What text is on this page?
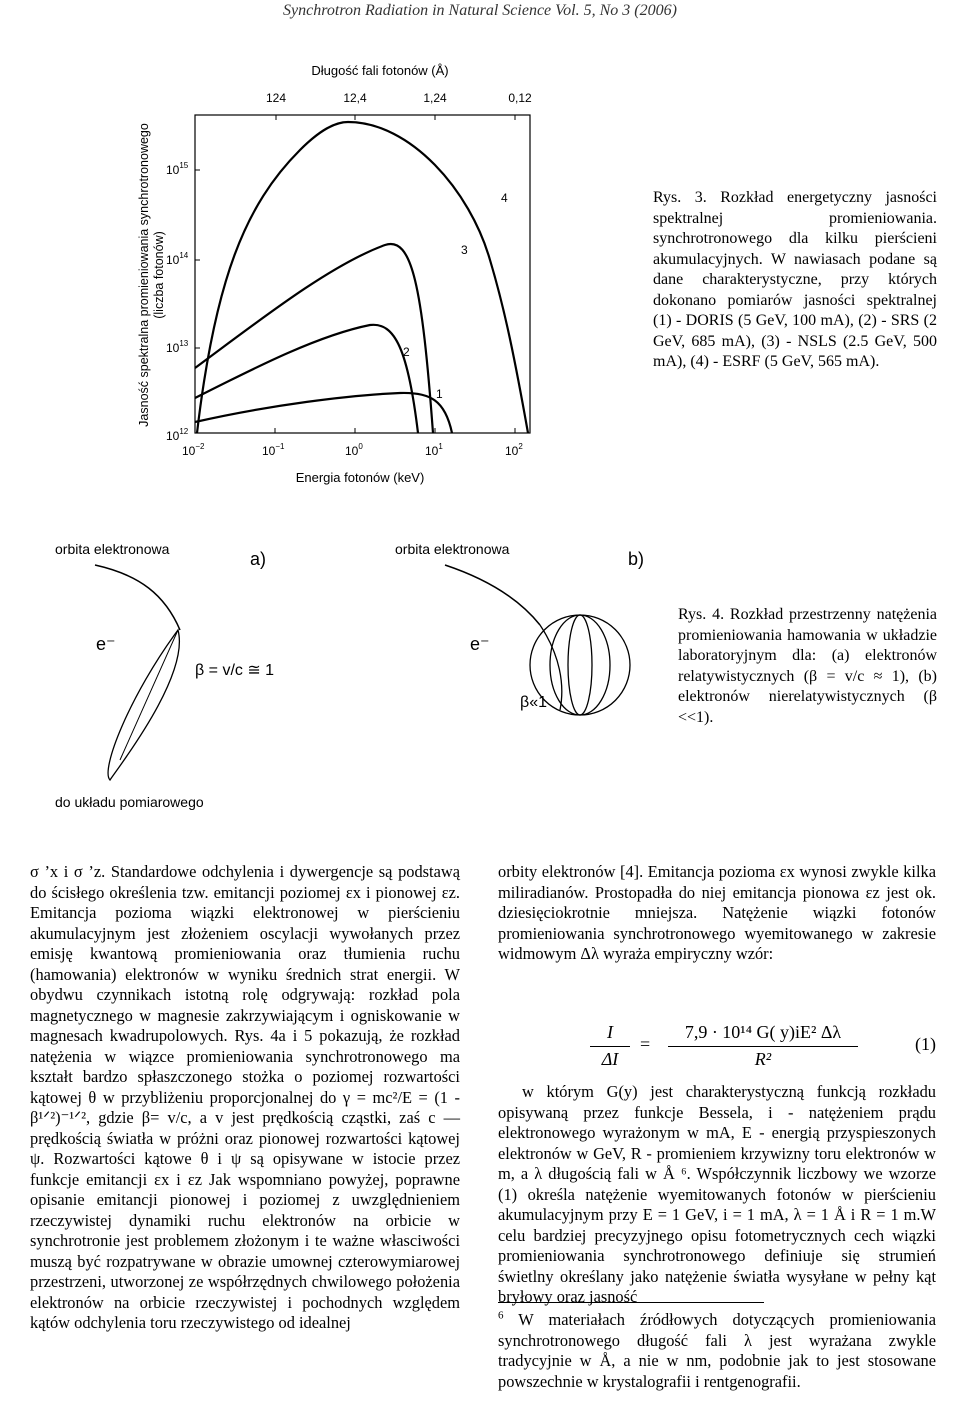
Synchrotron Radiation in Natural Science Vol. 5, No 3 (2006)
Długość fali fotonów (Å)
124	12,4	1,24	0,12
Jasność spektralna promieniowania synchrotronowego (liczba fotonów)
$10^{15}$
$10^{14}$
$10^{13}$
$10^{12}$
$10^{-2}$	$10^{-1}$	$10^0$	$10^1$	$10^2$
Energia fotonów (keV)
1
2
3
4	Rys. 3. Rozkład energetyczny jasności spektralnej promieniowania. synchrotronowego dla kilku pierścieni akumulacyjnych. W nawiasach podane są dane charakterystyczne, przy których dokonano pomiarów jasności spektralnej (1) - DORIS (5 GeV, 100 mA), (2) - SRS (2 GeV, 685 mA), (3) - NSLS (2.5 GeV, 500 mA), (4) - ESRF (5 GeV, 565 mA).
orbita elektronowa	a)	orbita elektronowa	b)
e⁻
β = v/c ≅ 1
e⁻
β«1
do układu pomiarowego
Rys. 4. Rozkład przestrzenny natężenia promieniowania hamowania w układzie laboratoryjnym dla: (a) elektronów relatywistycznych (β = v/c ≈ 1), (b) elektronów nierelatywistycznych (β <<1).

σ ’x i σ ’z. Standardowe odchylenia i dywergencje są podstawą do ścisłego określenia tzw. emitancji poziomej εx i pionowej εz. Emitancja pozioma wiązki elektronowej w pierścieniu akumulacyjnym jest złożeniem oscylacji wywołanych przez emisję kwantową promieniowania oraz tłumienia ruchu (hamowania) elektronów w wyniku średnich strat energii. W obydwu czynnikach istotną rolę odgrywają: rozkład pola magnetycznego w magnesie zakrzywiającym i ogniskowanie w magnesach kwadrupolowych. Rys. 4a i 5 pokazują, że rozkład natężenia w wiązce promieniowania synchrotronowego ma kształt bardzo spłaszczonego stożka o poziomej rozwartości kątowej θ w przybliżeniu proporcjonalnej do γ = mc²/E = (1 - β¹ᐟ²)⁻¹ᐟ², gdzie β= v/c, a v jest prędkością cząstki, zaś c — prędkością światła w próżni oraz pionowej rozwartości kątowej ψ. Rozwartości kątowe θ i ψ są opisywane w istocie przez funkcje emitancji εx i εz Jak wspomniano powyżej, poprawne opisanie emitancji pionowej i poziomej z uwzględnieniem rzeczywistej dynamiki ruchu elektronów na orbicie w synchrotronie jest problemem złożonym i te ważne własciwości muszą być rozpatrywane w obrazie umownej czterowymiarowej przestrzeni, utworzonej ze współrzędnych chwilowego położenia elektronów na orbicie rzeczywistej i pochodnych względem kątów odchylenia toru rzeczywistego od idealnej

orbity elektronów [4]. Emitancja pozioma εx wynosi zwykle kilka miliradianów. Prostopadła do niej emitancja pionowa εz jest ok. dziesięciokrotnie mniejsza. Natężenie wiązki fotonów promieniowania synchrotronowego wyemitowanego w zakresie widmowym Δλ wyraża empiryczny wzór:

I
ΔI
=
7,9 · 10¹⁴ G( y)iE² Δλ
R²
(1)

w którym G(y) jest charakterystyczną funkcją rozkładu opisywaną przez funkcje Bessela, i - natężeniem prądu elektronowego wyrażonym w mA, E - energią przyspieszonych elektronów w GeV, R - promieniem krzywizny toru elektronów w m, a λ długością fali w Å ⁶. Współczynnik liczbowy we wzorze (1) określa natężenie wyemitowanych fotonów w pierścieniu akumulacyjnym przy E = 1 GeV, i = 1 mA, λ = 1 Å i R = 1 m.W celu bardziej precyzyjnego opisu fotometrycznych cech wiązki promieniowania synchrotronowego definiuje się strumień świetlny określany jako natężenie światła wysyłane w pełny kąt bryłowy oraz jasność

$^6$ W materiałach źródłowych dotyczących promieniowania synchrotronowego długość fali λ jest wyrażana zwykle tradycyjnie w Å, a nie w nm, podobnie jak to jest stosowane powszechnie w krystalografii i rentgenografii.
